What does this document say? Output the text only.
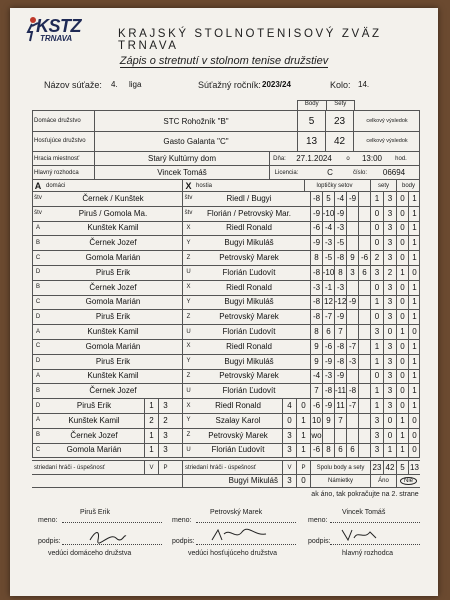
KSTZ
TRNAVA	KRAJSKÝ STOLNOTENISOVÝ ZVÄZ TRNAVA
Zápis o stretnutí v stolnom tenise družstiev
Názov súťaže: 4. liga	Súťažný ročník: 2023/24	Kolo: 14.
Body	Sety
Domáce družstvo	STC Rohožník "B"	5	23	celkový výsledok
Hosťujúce družstvo	Gasto Galanta "C"	13	42	celkový výsledok
Hracia miestnosť	Starý Kultúrny dom	Dňa:	27.1.2024	o	13:00	hod.
Hlavný rozhodca	Vincek Tomáš	Licencia:	C	číslo:	06694
A domáci	X hostia	loptičky setov	sety	body
štv	Černek / Kunštek	štv	Riedl / Bugyi	-8 5 -4 -9	1	3	0 1
štv	Piruš / Gomola Ma.	štv	Florián / Petrovský Mar.	-9 -10 -9	0	3	0 1
A	Kunštek Kamil	X	Riedl Ronald	-6 -4 -3	0	3	0 1
B	Černek Jozef	Y	Bugyi Mikuláš	-9 -3 -5	0	3	0 1
C	Gomola Marián	Z	Petrovský Marek	8 -5 -8 9 -6 2	3	0 1
D	Piruš Erik	U	Florián Ľudovít	-8 -10 8 3 6	3	2	1 0
B	Černek Jozef	X	Riedl Ronald	-3 -1 -3	0	3	0 1
C	Gomola Marián	Y	Bugyi Mikuláš	-8 12 -12 -9	1	3	0 1
D	Piruš Erik	Z	Petrovský Marek	-8 -7 -9	0	3	0 1
A	Kunštek Kamil	U	Florián Ľudovít	8 6 7	3	0	1 0
C	Gomola Marián	X	Riedl Ronald	9 -6 -8 -7	1	3	0 1
D	Piruš Erik	Y	Bugyi Mikuláš	9 -9 -8 -3	1	3	0 1
A	Kunštek Kamil	Z	Petrovský Marek	-4 -3 -9	0	3	0 1
B	Černek Jozef	U	Florián Ľudovít	7 -8 -11 -8	1	3	0 1
D	Piruš Erik	1	3	X	Riedl Ronald	4	0 -6 -9 11 -7	1	3	0 1
A	Kunštek Kamil	2	2	Y	Szalay Karol	0	1 10 9 7	3	0	1 0
B	Černek Jozef	1	3	Z	Petrovský Marek	3	1 wo	3	0	1 0
C	Gomola Marián	1	3	U	Florián Ľudovít	3	1 -6 8 6 6	3	1	1 0
striedaní hráči - úspešnosť	V	P	striedaní hráči - úspešnosť	V	P	Spolu body a sety	23 42 5 13
Bugyi Mikuláš	3	0	Námietky	Áno	Nie
ak áno, tak pokračujte na 2. strane
meno:
Piruš Erik
podpis:
vedúci domáceho družstva
meno:
Petrovský Marek
podpis:
vedúci hosťujúceho družstva
meno:
Vincek Tomáš
podpis:
hlavný rozhodca
